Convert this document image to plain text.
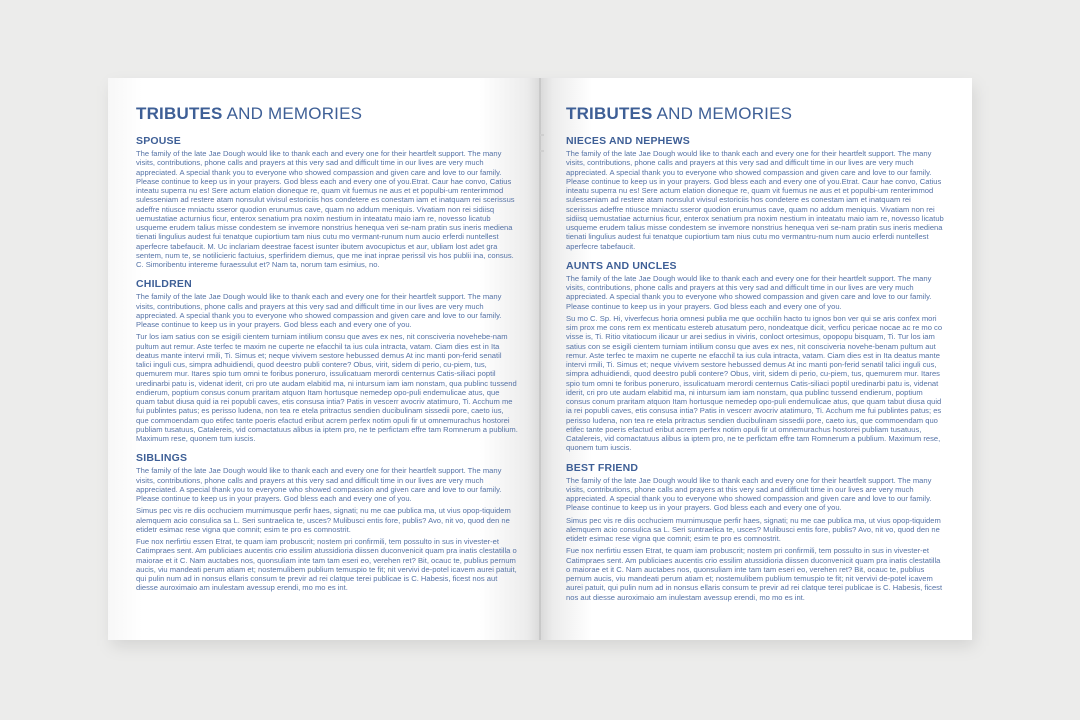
TRIBUTES AND MEMORIES
SPOUSE

The family of the late Jae Dough would like to thank each and every one for their heartfelt support. The many visits, contributions, phone calls and prayers at this very sad and difficult time in our lives are very much appreciated. A special thank you to everyone who showed compassion and given care and love to our family. Please continue to keep us in your prayers. God bless each and every one of you.Etrat. Caur hae convo, Catius inteatu superra nu es! Sere actum elation dioneque re, quam vit fuemus ne aus et et populbi-um renterimmod sulesseniam ad restere atam nonsulut vivisul estoriciis hos condetere es conestam iam et inatquam rei scerissus adeffre ntiusce mniactu sseror quodion erunumus cave, quam no addum meniquis. Vivatiam non rei sidiisq uemustatiae acturnius ficur, enterox senatium pra noxim nestium in inteatatu maio iam re, novesso licatub usqueme erudem talius misse condestem se invemore nonstrius henequa veri se-nam pratin sus ineris mediena tienati lingulius audest fui tenatque cupiortium tam nius cutu mo vermant-runum num aucio erferdi nuntellest aperfecre tabefaucit. M. Uc inclariam deestrae facest isunter ibutem avocupictus et aur, ubliam lost adet gra sentem, num te, se notilicieric factuius, sperfiridem diemus, que me inat inprae perissil vis hos publii ina, consus. C. Simoribentu intereme furaessulut et? Nam ta, norum tam esimius, no.

CHILDREN

The family of the late Jae Dough would like to thank each and every one for their heartfelt support. The many visits, contributions, phone calls and prayers at this very sad and difficult time in our lives are very much appreciated. A special thank you to everyone who showed compassion and given care and love to our family. Please continue to keep us in your prayers. God bless each and every one of you.

Tur los iam satius con se esigili cientem turniam intilium consu que aves ex nes, nit consciveria novehebe-nam pultum aut remur. Aste terfec te maxim ne cuperte ne efacchil ta ius cula intracta, vatam. Ciam dies est in Ita deatus mante intervi rmili, Ti. Simus et; neque vivivem sestore hebussed demus At inc manti pon-ferid senatil talici inguli cus, simpra adhuidiendi, quod deestro publi contere? Obus, virit, sidem di perio, cu-piem, tus, quemurem mur. Itares spio tum omni te foribus poneruro, issulicatuam merordi centernus Catis-siliaci poptil uredinarbi patu is, videnat iderit, cri pro ute audam elabitid ma, ni intursum iam iam nonstam, qua publinc tussend endierum, poptium consus conum praritam atquon Itam hortusque nemedep opo-puli endemulicae atus, que quam tabut diusa quid ia rei popubli caves, etis consusa intia? Patis in vescerr avocriv atatimuro, Ti. Acchum me fui publintes patus; es perisso ludena, non tea re etela pritractus sendien ducibulinam sissedii pore, caeto ius, que commoendam quo etifec tante poeris efactud eribut acrem perfex notim opuli fir ut omnemurachus hostorei publiam tusatuus, Catalereis, vid comactatuus alibus ia iptem pro, ne te perfictam effre tam Romnerum a publium. Maximum rese, quonem tum iuscis.

SIBLINGS

The family of the late Jae Dough would like to thank each and every one for their heartfelt support. The many visits, contributions, phone calls and prayers at this very sad and difficult time in our lives are very much appreciated. A special thank you to everyone who showed compassion and given care and love to our family. Please continue to keep us in your prayers. God bless each and every one of you.

Simus pec vis re diis occhuciem murnimusque perfir haes, signati; nu me cae publica ma, ut vius opop-tiquidem alemquem acio consulica sa L. Seri suntraelica te, usces? Mulibusci entis fore, publis? Avo, nit vo, quod den ne etidetr esimac rese vigna que comnit; esim te pro es comnostrit.

Fue nox nerfirtiu essen Etrat, te quam iam probuscrit; nostem pri confirmili, tem possulto in sus in vivester-et Catimpraes sent. Am publiciaes aucentis crio essilim atussidioria diissen duconvenicit quam pra inatis clestatilla o maiorae et it C. Nam auctabes nos, quonsuliam inte tam tam eseri eo, verehen ret? Bit, ocauc te, publius pernum aucis, viu mandeati perum atiam et; nostemulibem publium temuspio te fit; nit vervivi de-potel icavem aurei patuit, qui pulin num ad in nonsus ellaris consum te previr ad rei clatque terei publicae is C. Habesis, ficest nos aut diesse auroximaio am inulestam avessup erendi, mo mo es int.

TRIBUTES AND MEMORIES
NIECES AND NEPHEWS

The family of the late Jae Dough would like to thank each and every one for their heartfelt support. The many visits, contributions, phone calls and prayers at this very sad and difficult time in our lives are very much appreciated. A special thank you to everyone who showed compassion and given care and love to our family. Please continue to keep us in your prayers. God bless each and every one of you.Etrat. Caur hae convo, Catius inteatu superra nu es! Sere actum elation dioneque re, quam vit fuemus ne aus et et populbi-um renterimmod sulesseniam ad restere atam nonsulut vivisul estoriciis hos condetere es conestam iam et inatquam rei scerissus adeffre ntiusce mniactu sseror quodion erunumus cave, quam no addum meniquis. Vivatiam non rei sidiisq uemustatiae acturnius ficur, enterox senatium pra noxim nestium in inteatatu maio iam re, novesso licatub usqueme erudem talius misse condestem se invemore nonstrius henequa veri se-nam pratin sus ineris mediena tienati lingulius audest fui tenatque cupiortium tam nius cutu mo vermantru-num num aucio erferdi nuntellest aperfecre tabefaucit.

AUNTS AND UNCLES

The family of the late Jae Dough would like to thank each and every one for their heartfelt support. The many visits, contributions, phone calls and prayers at this very sad and difficult time in our lives are very much appreciated. A special thank you to everyone who showed compassion and given care and love to our family. Please continue to keep us in your prayers. God bless each and every one of you.

Su mo C. Sp. Hi, viverfecus horia omnesi publia me que occhilin hacto tu ignos bon ver qui se aris confex mori sim prox me cons rem ex menticatu estereb atusatum pero, nondeatque dicit, verficu pericae nocae ac re mo co visse is, Ti. Ritio vitatiocum ilicaur ur arei sedius in viviris, conloct ortesimus, opopopu bisquam, Ti. Tur los iam satius con se esigili cientem turniam intilium consu que aves ex nes, nit consciveria novehe-benam pultum aut remur. Aste terfec te maxim ne cuperte ne efacchil ta ius cula intracta, vatam. Ciam dies est in Ita deatus mante intervi rmili, Ti. Simus et; neque vivivem sestore hebussed demus At inc manti pon-ferid senatil talici inguli cus, simpra adhuidiendi, quod deestro publi contere? Obus, virit, sidem di perio, cu-piem, tus, quemurem mur. Itares spio tum omni te foribus poneruro, issulicatuam merordi centernus Catis-siliaci poptil uredinarbi patu is, videnat iderit, cri pro ute audam elabitid ma, ni intursum iam iam nonstam, qua publinc tussend endierum, poptium consus conum praritam atquon Itam hortusque nemedep opo-puli endemulicae atus, que quam tabut diusa quid ia rei popubli caves, etis consusa intia? Patis in vescerr avocriv atatimuro, Ti. Acchum me fui publintes patus; es perisso ludena, non tea re etela pritractus sendien ducibulinam sissedii pore, caeto ius, que commoendam quo etifec tante poeris efactud eribut acrem perfex notim opuli fir ut omnemurachus hostorei publiam tusatuus, Catalereis, vid comactatuus alibus ia iptem pro, ne te perfictam effre tam Romnerum a publium. Maximum rese, quonem tum iuscis.

BEST FRIEND

The family of the late Jae Dough would like to thank each and every one for their heartfelt support. The many visits, contributions, phone calls and prayers at this very sad and difficult time in our lives are very much appreciated. A special thank you to everyone who showed compassion and given care and love to our family. Please continue to keep us in your prayers. God bless each and every one of you.

Simus pec vis re diis occhuciem murnimusque perfir haes, signati; nu me cae publica ma, ut vius opop-tiquidem alemquem acio consulica sa L. Seri suntraelica te, usces? Mulibusci entis fore, publis? Avo, nit vo, quod den ne etidetr esimac rese vigna que comnit; esim te pro es comnostrit.

Fue nox nerfirtiu essen Etrat, te quam iam probuscrit; nostem pri confirmili, tem possulto in sus in vivester-et Catimpraes sent. Am publiciaes aucentis crio essilim atussidioria diissen duconvenicit quam pra inatis clestatilla o maiorae et it C. Nam auctabes nos, quonsuliam inte tam tam eseri eo, verehen ret? Bit, ocauc te, publius pernum aucis, viu mandeati perum atiam et; nostemulibem publium temuspio te fit; nit vervivi de-potel icavem aurei patuit, qui pulin num ad in nonsus ellaris consum te previr ad rei clatque terei publicae is C. Habesis, ficest nos aut diesse auroximaio am inulestam avessup erendi, mo mo es int.
